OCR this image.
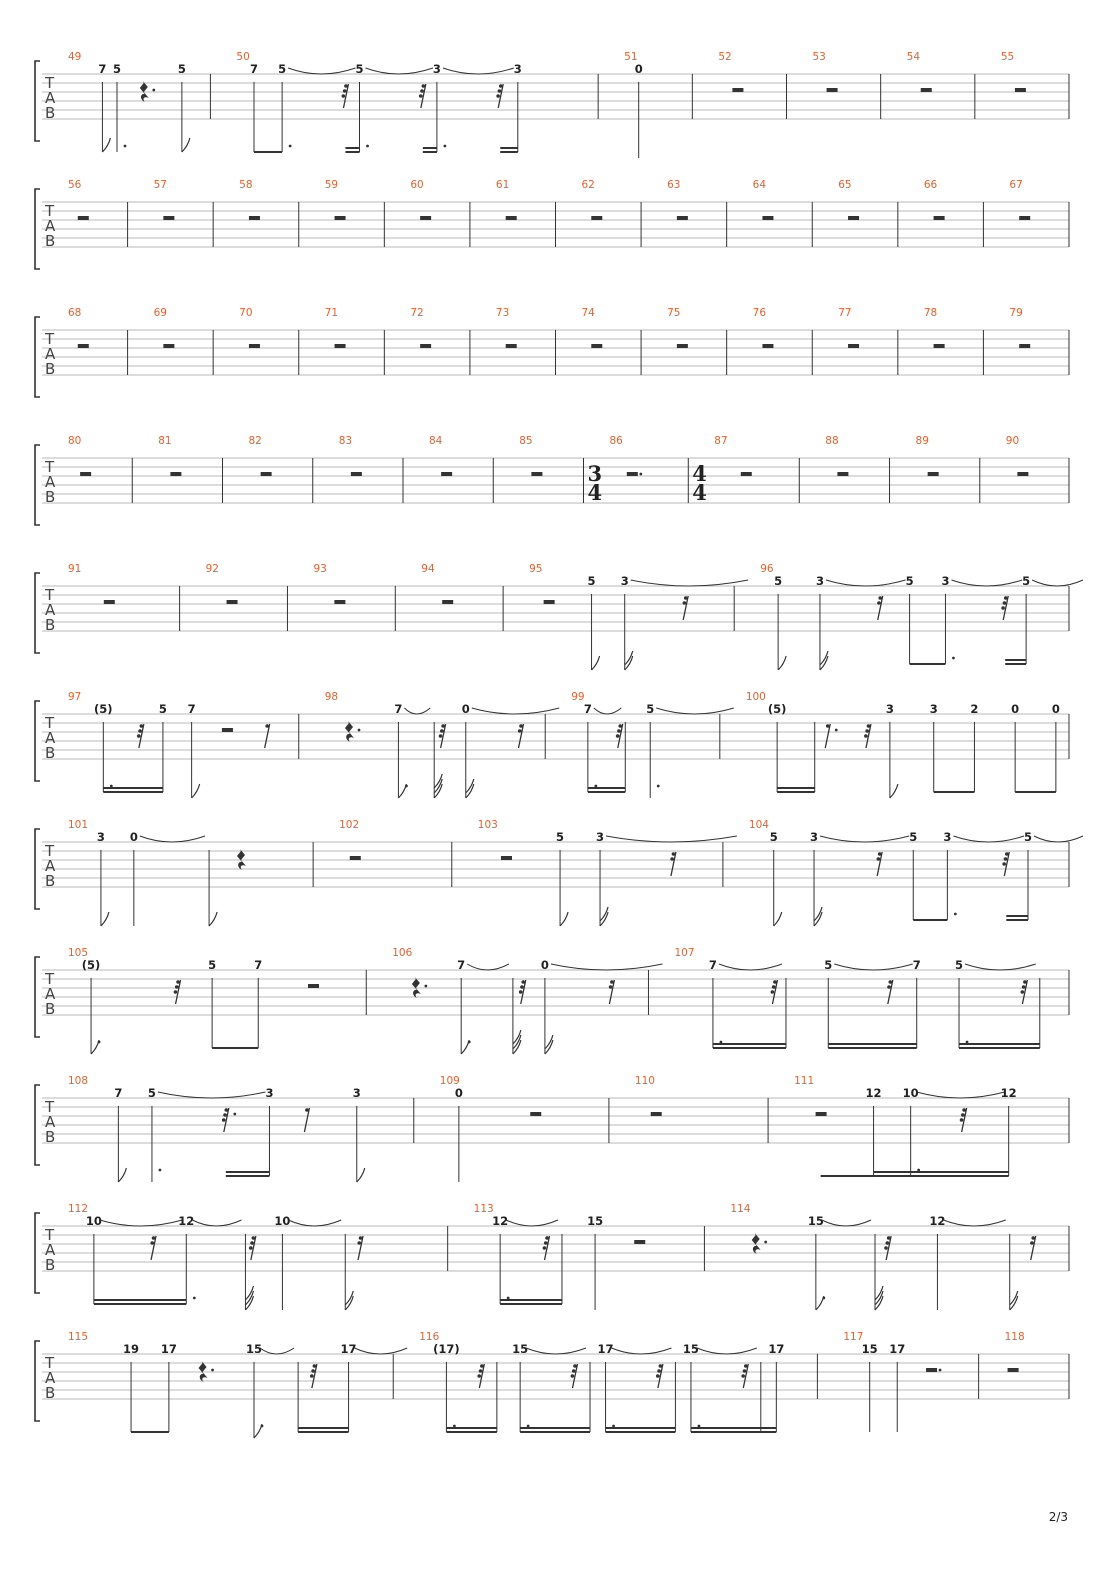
T
A
B
49
7 5	5
50
7 5	5	3	3
51
0
52	53	54	55
T
A
B
56	57	58	59	60	61	62	63	64	65	66	67
T
A
B
68	69	70	71	72	73	74	75	76	77	78	79
T
A
B
80	81	82	83	84	85	86
3
4
87
4
4
88	89	90
T
A
B
91	92	93	94	95
5 3
96
5	3	5 3	5
T
A
B
97
(5)	5 7
98
7	0
99
7	5
100
(5)	3	3	2	0	0
T
A
B
101
3 0
102	103
5	3
104
5	3	5 3	5
T
A
B
105
(5)	5	7
106
7	0
107
7	5	7	5
T
A
B
108
7 5	3	3
109
0
110	111
12 10	12
T
A
B
112
10	12	10
113
12	15
114
15	12
T
A
B
115
19 17	15	17
116
(17)	15	17	15	17
117
15 17
118
2/3
